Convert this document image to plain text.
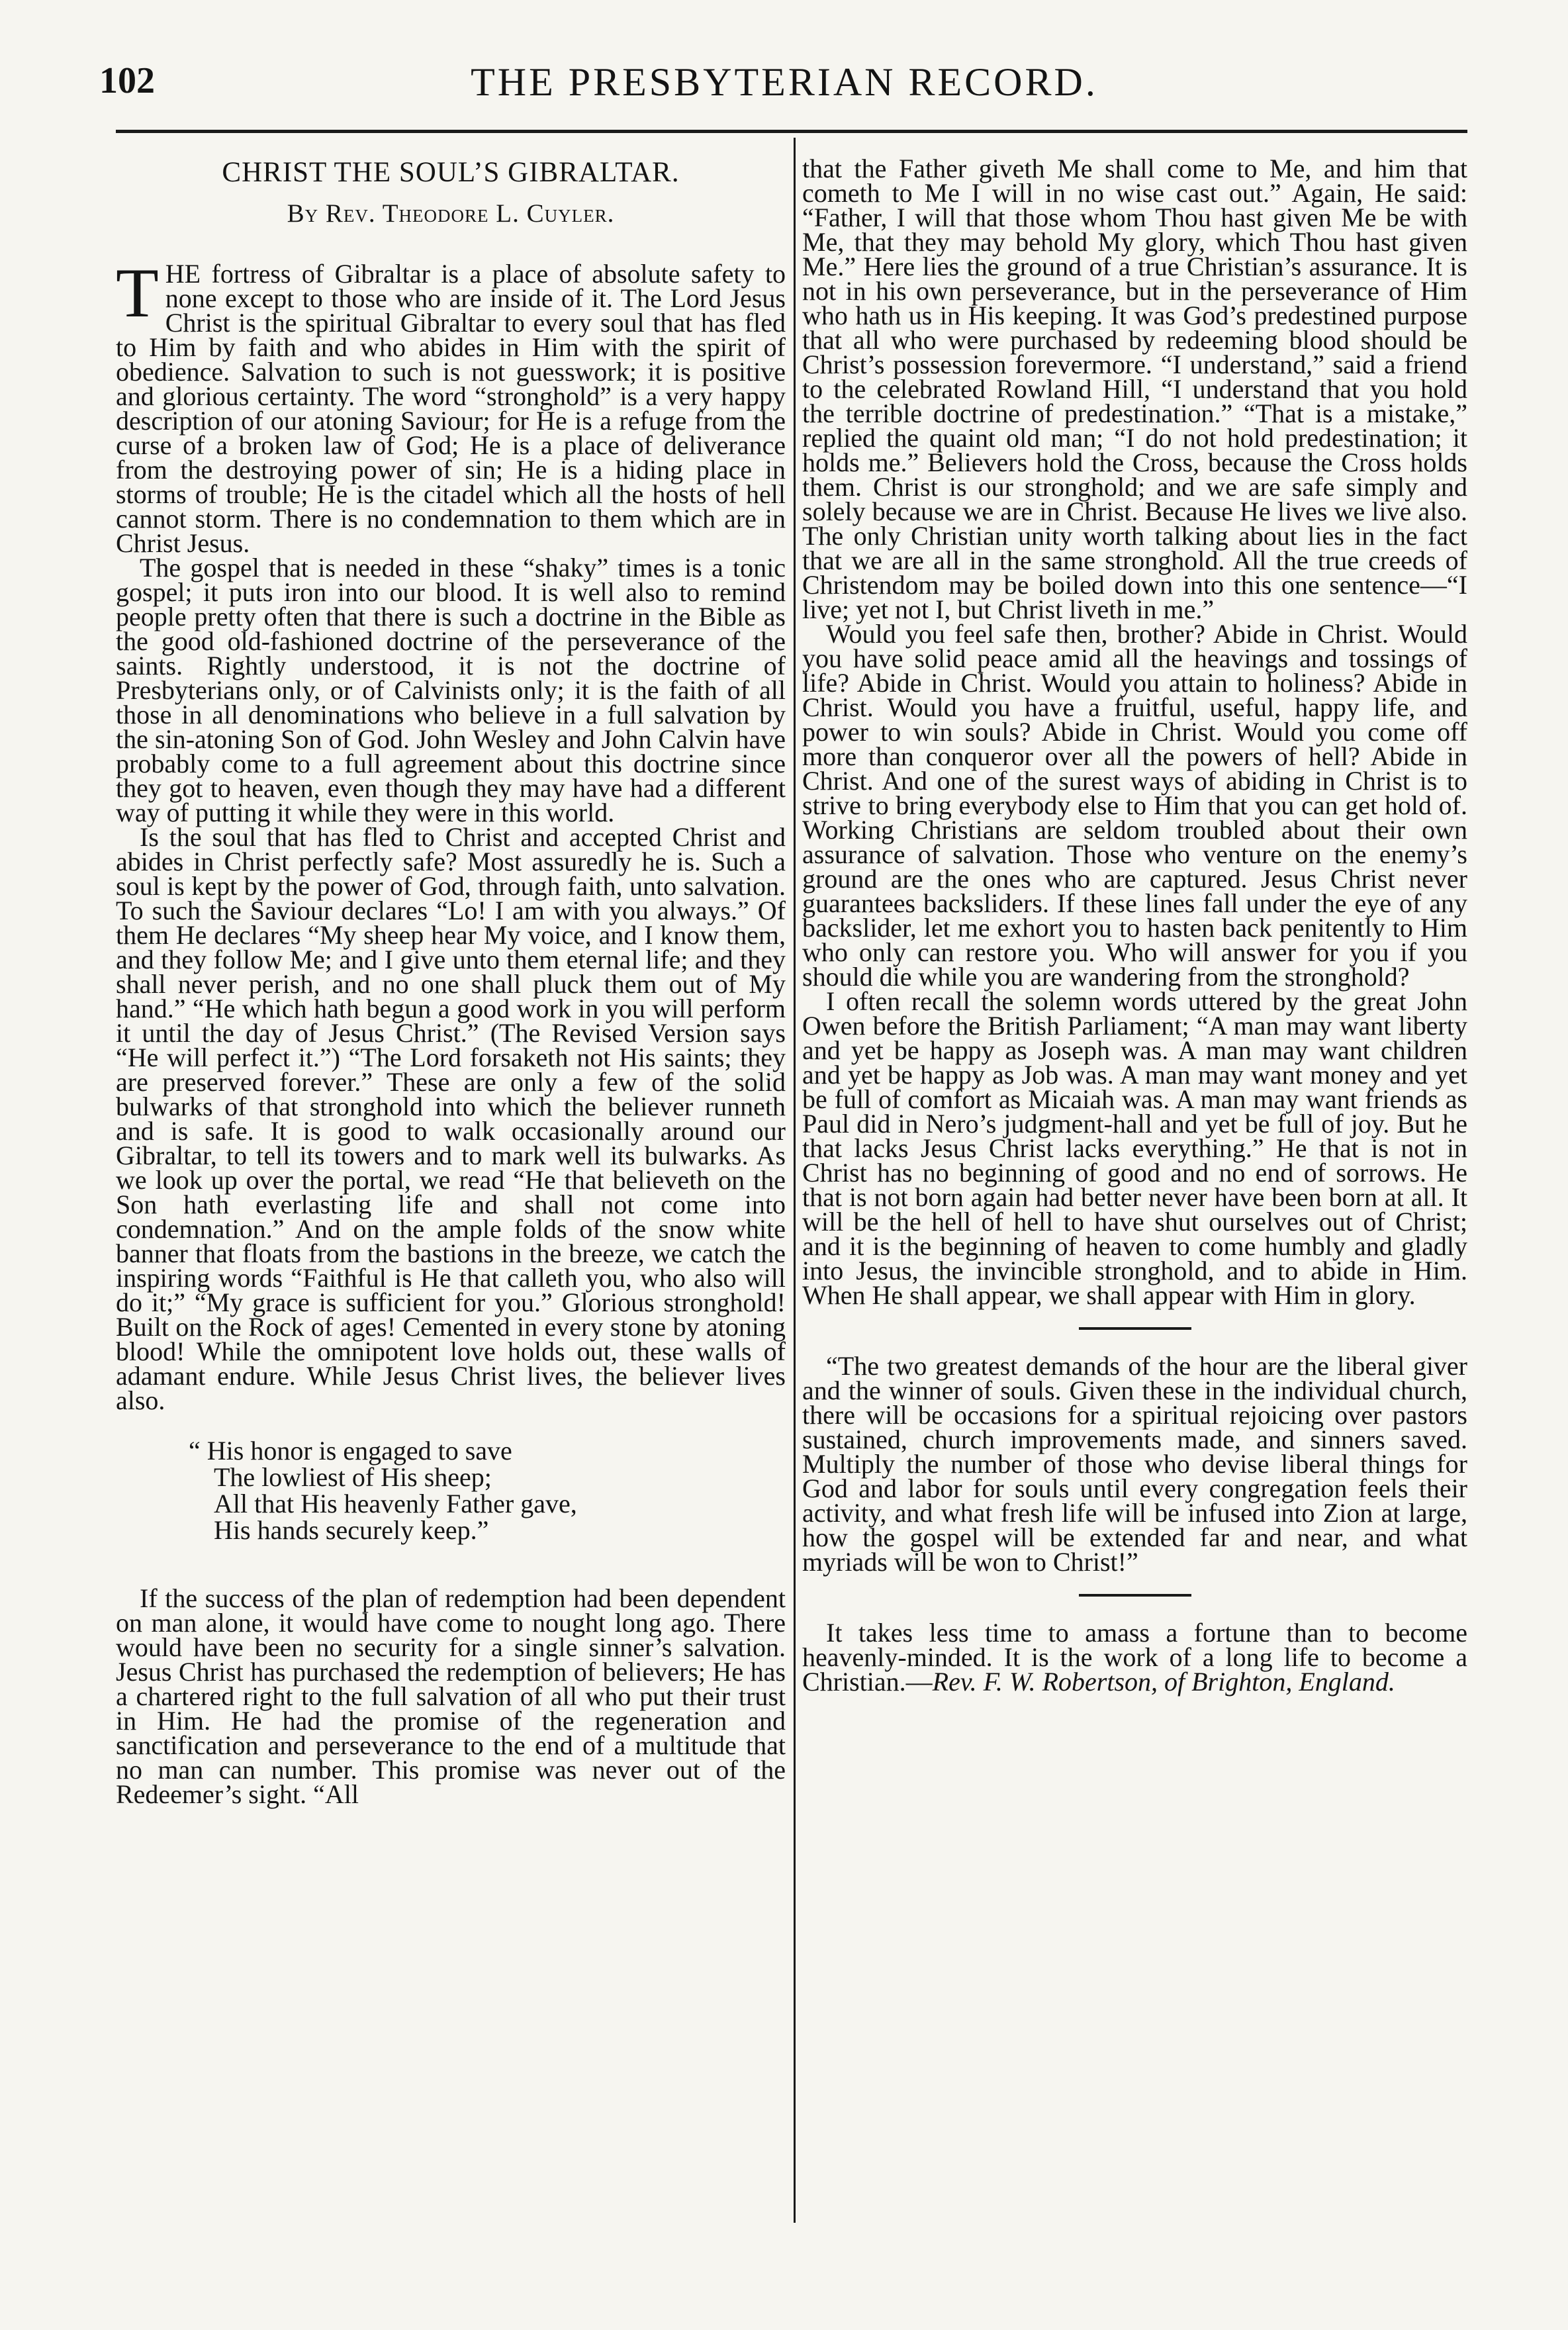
102	THE PRESBYTERIAN RECORD.
CHRIST THE SOUL’S GIBRALTAR.
By Rev. Theodore L. Cuyler.

THE fortress of Gibraltar is a place of absolute safety to none except to those who are inside of it. The Lord Jesus Christ is the spiritual Gibraltar to every soul that has fled to Him by faith and who abides in Him with the spirit of obedience. Salvation to such is not guesswork; it is positive and glorious certainty. The word “stronghold” is a very happy description of our atoning Saviour; for He is a refuge from the curse of a broken law of God; He is a place of deliverance from the destroying power of sin; He is a hiding place in storms of trouble; He is the citadel which all the hosts of hell cannot storm. There is no condemnation to them which are in Christ Jesus.

The gospel that is needed in these “shaky” times is a tonic gospel; it puts iron into our blood. It is well also to remind people pretty often that there is such a doctrine in the Bible as the good old-fashioned doctrine of the perseverance of the saints. Rightly understood, it is not the doctrine of Presbyterians only, or of Calvinists only; it is the faith of all those in all denominations who believe in a full salvation by the sin-atoning Son of God. John Wesley and John Calvin have probably come to a full agreement about this doctrine since they got to heaven, even though they may have had a different way of putting it while they were in this world.

Is the soul that has fled to Christ and accepted Christ and abides in Christ perfectly safe? Most assuredly he is. Such a soul is kept by the power of God, through faith, unto salvation. To such the Saviour declares “Lo! I am with you always.” Of them He declares “My sheep hear My voice, and I know them, and they follow Me; and I give unto them eternal life; and they shall never perish, and no one shall pluck them out of My hand.” “He which hath begun a good work in you will perform it until the day of Jesus Christ.” (The Revised Version says “He will perfect it.”) “The Lord forsaketh not His saints; they are preserved forever.” These are only a few of the solid bulwarks of that stronghold into which the believer runneth and is safe. It is good to walk occasionally around our Gibraltar, to tell its towers and to mark well its bulwarks. As we look up over the portal, we read “He that believeth on the Son hath everlasting life and shall not come into condemnation.” And on the ample folds of the snow white banner that floats from the bastions in the breeze, we catch the inspiring words “Faithful is He that calleth you, who also will do it;” “My grace is sufficient for you.” Glorious stronghold! Built on the Rock of ages! Cemented in every stone by atoning blood! While the omnipotent love holds out, these walls of adamant endure. While Jesus Christ lives, the believer lives also.

“ His honor is engaged to save
The lowliest of His sheep;
All that His heavenly Father gave,
His hands securely keep.”

If the success of the plan of redemption had been dependent on man alone, it would have come to nought long ago. There would have been no security for a single sinner’s salvation. Jesus Christ has purchased the redemption of believers; He has a chartered right to the full salvation of all who put their trust in Him. He had the promise of the regeneration and sanctification and perseverance to the end of a multitude that no man can number. This promise was never out of the Redeemer’s sight. “All

that the Father giveth Me shall come to Me, and him that cometh to Me I will in no wise cast out.” Again, He said: “Father, I will that those whom Thou hast given Me be with Me, that they may behold My glory, which Thou hast given Me.” Here lies the ground of a true Christian’s assurance. It is not in his own perseverance, but in the perseverance of Him who hath us in His keeping. It was God’s predestined purpose that all who were purchased by redeeming blood should be Christ’s possession forevermore. “I understand,” said a friend to the celebrated Rowland Hill, “I understand that you hold the terrible doctrine of predestination.” “That is a mistake,” replied the quaint old man; “I do not hold predestination; it holds me.” Believers hold the Cross, because the Cross holds them. Christ is our stronghold; and we are safe simply and solely because we are in Christ. Because He lives we live also. The only Christian unity worth talking about lies in the fact that we are all in the same stronghold. All the true creeds of Christendom may be boiled down into this one sentence—“I live; yet not I, but Christ liveth in me.”

Would you feel safe then, brother? Abide in Christ. Would you have solid peace amid all the heavings and tossings of life? Abide in Christ. Would you attain to holiness? Abide in Christ. Would you have a fruitful, useful, happy life, and power to win souls? Abide in Christ. Would you come off more than conqueror over all the powers of hell? Abide in Christ. And one of the surest ways of abiding in Christ is to strive to bring everybody else to Him that you can get hold of. Working Christians are seldom troubled about their own assurance of salvation. Those who venture on the enemy’s ground are the ones who are captured. Jesus Christ never guarantees backsliders. If these lines fall under the eye of any backslider, let me exhort you to hasten back penitently to Him who only can restore you. Who will answer for you if you should die while you are wandering from the stronghold?

I often recall the solemn words uttered by the great John Owen before the British Parliament; “A man may want liberty and yet be happy as Joseph was. A man may want children and yet be happy as Job was. A man may want money and yet be full of comfort as Micaiah was. A man may want friends as Paul did in Nero’s judgment-hall and yet be full of joy. But he that lacks Jesus Christ lacks everything.” He that is not in Christ has no beginning of good and no end of sorrows. He that is not born again had better never have been born at all. It will be the hell of hell to have shut ourselves out of Christ; and it is the beginning of heaven to come humbly and gladly into Jesus, the invincible stronghold, and to abide in Him. When He shall appear, we shall appear with Him in glory.

“The two greatest demands of the hour are the liberal giver and the winner of souls. Given these in the individual church, there will be occasions for a spiritual rejoicing over pastors sustained, church improvements made, and sinners saved. Multiply the number of those who devise liberal things for God and labor for souls until every congregation feels their activity, and what fresh life will be infused into Zion at large, how the gospel will be extended far and near, and what myriads will be won to Christ!”

It takes less time to amass a fortune than to become heavenly-minded. It is the work of a long life to become a Christian.—Rev. F. W. Robertson, of Brighton, England.
